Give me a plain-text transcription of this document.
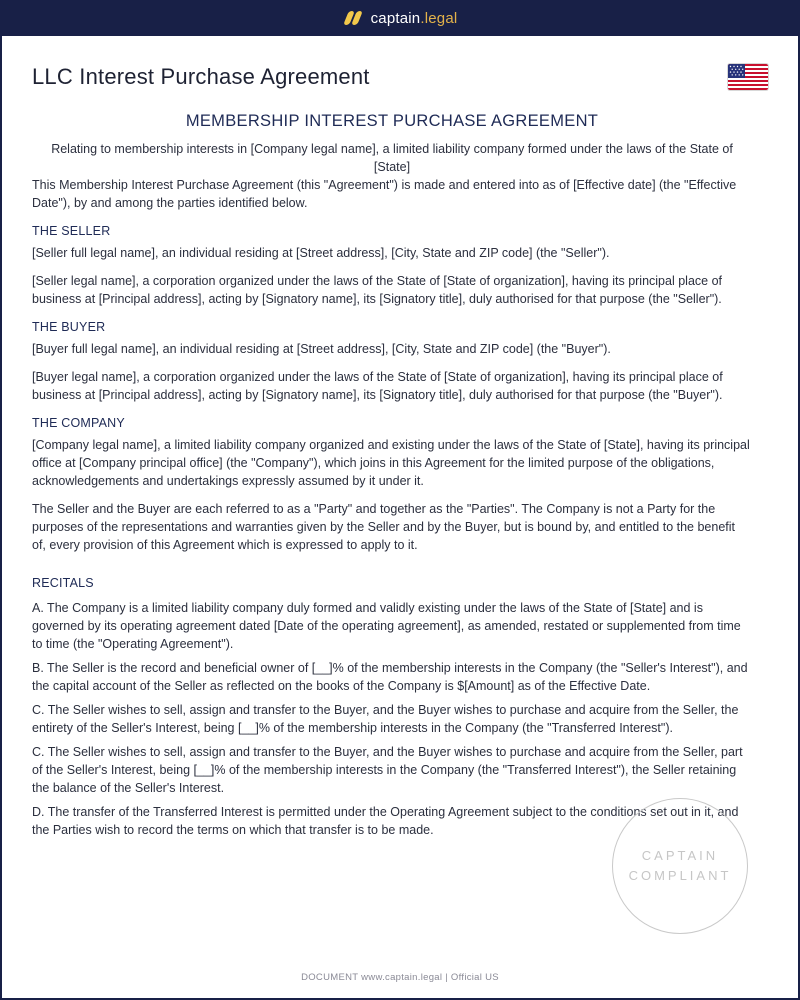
captain.legal
LLC Interest Purchase Agreement
MEMBERSHIP INTEREST PURCHASE AGREEMENT

Relating to membership interests in [Company legal name], a limited liability company formed under the laws of the State of [State]

This Membership Interest Purchase Agreement (this "Agreement") is made and entered into as of [Effective date] (the "Effective Date"), by and among the parties identified below.

THE SELLER

[Seller full legal name], an individual residing at [Street address], [City, State and ZIP code] (the "Seller").

[Seller legal name], a corporation organized under the laws of the State of [State of organization], having its principal place of business at [Principal address], acting by [Signatory name], its [Signatory title], duly authorised for that purpose (the "Seller").

THE BUYER

[Buyer full legal name], an individual residing at [Street address], [City, State and ZIP code] (the "Buyer").

[Buyer legal name], a corporation organized under the laws of the State of [State of organization], having its principal place of business at [Principal address], acting by [Signatory name], its [Signatory title], duly authorised for that purpose (the "Buyer").

THE COMPANY

[Company legal name], a limited liability company organized and existing under the laws of the State of [State], having its principal office at [Company principal office] (the "Company"), which joins in this Agreement for the limited purpose of the obligations, acknowledgements and undertakings expressly assumed by it under it.

The Seller and the Buyer are each referred to as a "Party" and together as the "Parties". The Company is not a Party for the purposes of the representations and warranties given by the Seller and by the Buyer, but is bound by, and entitled to the benefit of, every provision of this Agreement which is expressed to apply to it.

RECITALS

A. The Company is a limited liability company duly formed and validly existing under the laws of the State of [State] and is governed by its operating agreement dated [Date of the operating agreement], as amended, restated or supplemented from time to time (the "Operating Agreement").

B. The Seller is the record and beneficial owner of [__]% of the membership interests in the Company (the "Seller's Interest"), and the capital account of the Seller as reflected on the books of the Company is $[Amount] as of the Effective Date.

C. The Seller wishes to sell, assign and transfer to the Buyer, and the Buyer wishes to purchase and acquire from the Seller, the entirety of the Seller's Interest, being [__]% of the membership interests in the Company (the "Transferred Interest").

C. The Seller wishes to sell, assign and transfer to the Buyer, and the Buyer wishes to purchase and acquire from the Seller, part of the Seller's Interest, being [__]% of the membership interests in the Company (the "Transferred Interest"), the Seller retaining the balance of the Seller's Interest.

D. The transfer of the Transferred Interest is permitted under the Operating Agreement subject to the conditions set out in it, and the Parties wish to record the terms on which that transfer is to be made.

CAPTAIN
COMPLIANT
DOCUMENT www.captain.legal | Official US
